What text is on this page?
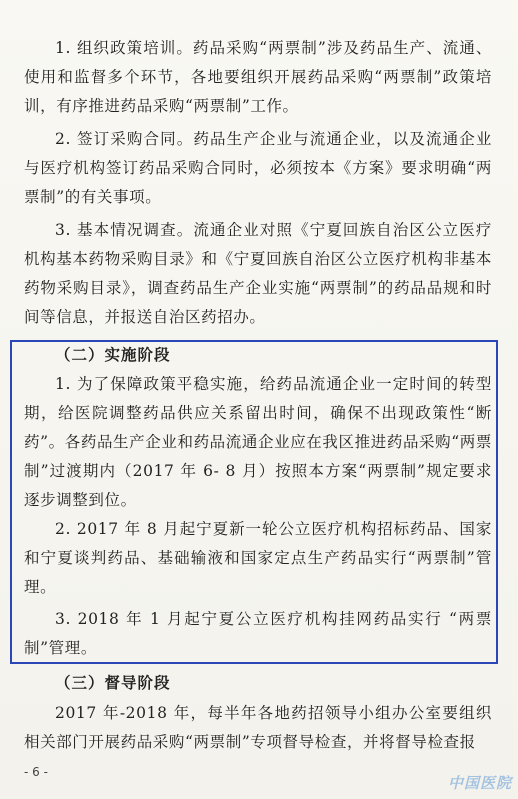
1. 组织政策培训。药品采购“两票制”涉及药品生产、流通、使用和监督多个环节，各地要组织开展药品采购“两票制”政策培训，有序推进药品采购“两票制”工作。

2. 签订采购合同。药品生产企业与流通企业，以及流通企业与医疗机构签订药品采购合同时，必须按本《方案》要求明确“两票制”的有关事项。

3. 基本情况调查。流通企业对照《宁夏回族自治区公立医疗机构基本药物采购目录》和《宁夏回族自治区公立医疗机构非基本药物采购目录》，调查药品生产企业实施“两票制”的药品品规和时间等信息，并报送自治区药招办。

（二）实施阶段

1. 为了保障政策平稳实施，给药品流通企业一定时间的转型期，给医院调整药品供应关系留出时间，确保不出现政策性“断药”。各药品生产企业和药品流通企业应在我区推进药品采购“两票制”过渡期内（2017 年 6- 8 月）按照本方案“两票制”规定要求逐步调整到位。

2. 2017 年 8 月起宁夏新一轮公立医疗机构招标药品、国家和宁夏谈判药品、基础输液和国家定点生产药品实行“两票制”管理。

3. 2018 年 1 月起宁夏公立医疗机构挂网药品实行 “两票制”管理。

（三）督导阶段

2017 年-2018 年，每半年各地药招领导小组办公室要组织相关部门开展药品采购“两票制”专项督导检查，并将督导检查报

- 6 -
中国医院
